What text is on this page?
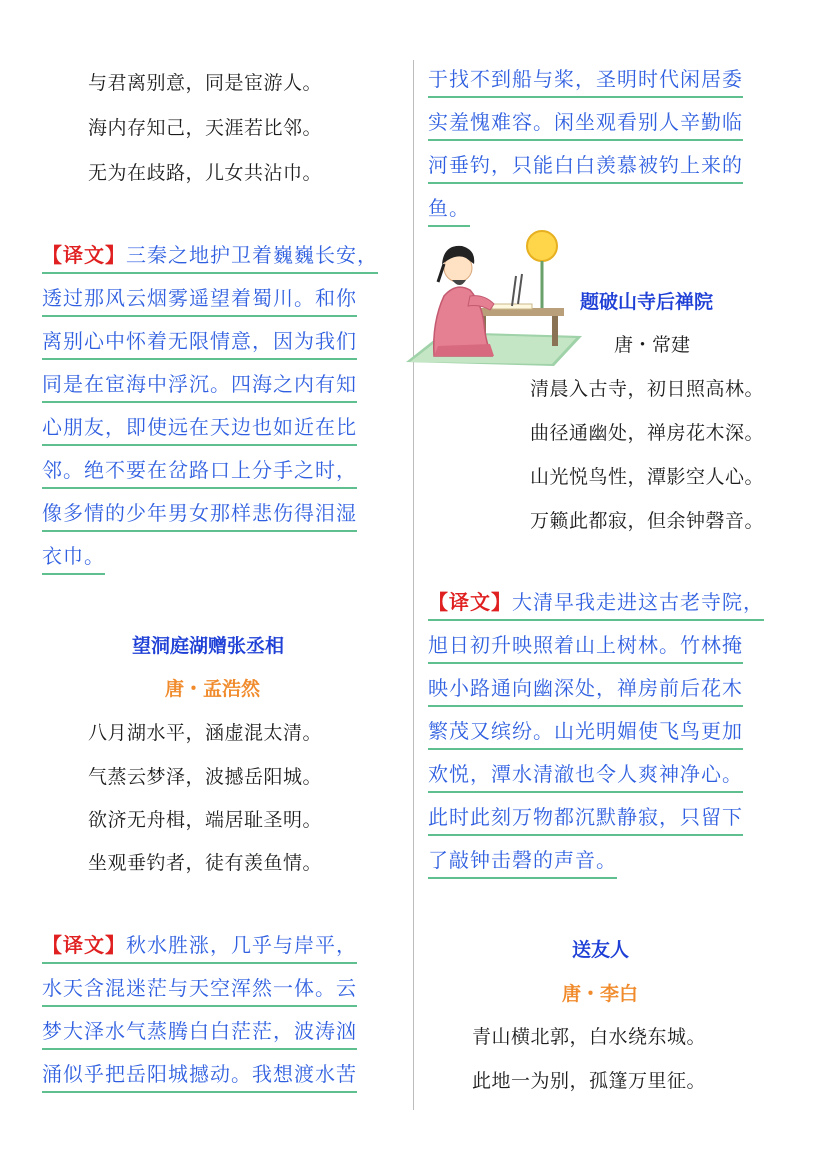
与君离别意，同是宦游人。
海内存知己，天涯若比邻。
无为在歧路，儿女共沾巾。
【译文】三秦之地护卫着巍巍长安，
透过那风云烟雾遥望着蜀川。和你
离别心中怀着无限情意，因为我们
同是在宦海中浮沉。四海之内有知
心朋友，即使远在天边也如近在比
邻。绝不要在岔路口上分手之时，
像多情的少年男女那样悲伤得泪湿
衣巾。
望洞庭湖赠张丞相
唐・孟浩然
八月湖水平，涵虚混太清。
气蒸云梦泽，波撼岳阳城。
欲济无舟楫，端居耻圣明。
坐观垂钓者，徒有羡鱼情。
【译文】秋水胜涨，几乎与岸平，
水天含混迷茫与天空浑然一体。云
梦大泽水气蒸腾白白茫茫，波涛汹
涌似乎把岳阳城撼动。我想渡水苦
于找不到船与桨，圣明时代闲居委
实羞愧难容。闲坐观看别人辛勤临
河垂钓，只能白白羡慕被钓上来的
鱼。
题破山寺后禅院
唐・常建
清晨入古寺，初日照高林。
曲径通幽处，禅房花木深。
山光悦鸟性，潭影空人心。
万籁此都寂，但余钟磬音。
【译文】大清早我走进这古老寺院，
旭日初升映照着山上树林。竹林掩
映小路通向幽深处，禅房前后花木
繁茂又缤纷。山光明媚使飞鸟更加
欢悦，潭水清澈也令人爽神净心。
此时此刻万物都沉默静寂，只留下
了敲钟击磬的声音。
送友人
唐・李白
青山横北郭，白水绕东城。
此地一为别，孤篷万里征。
